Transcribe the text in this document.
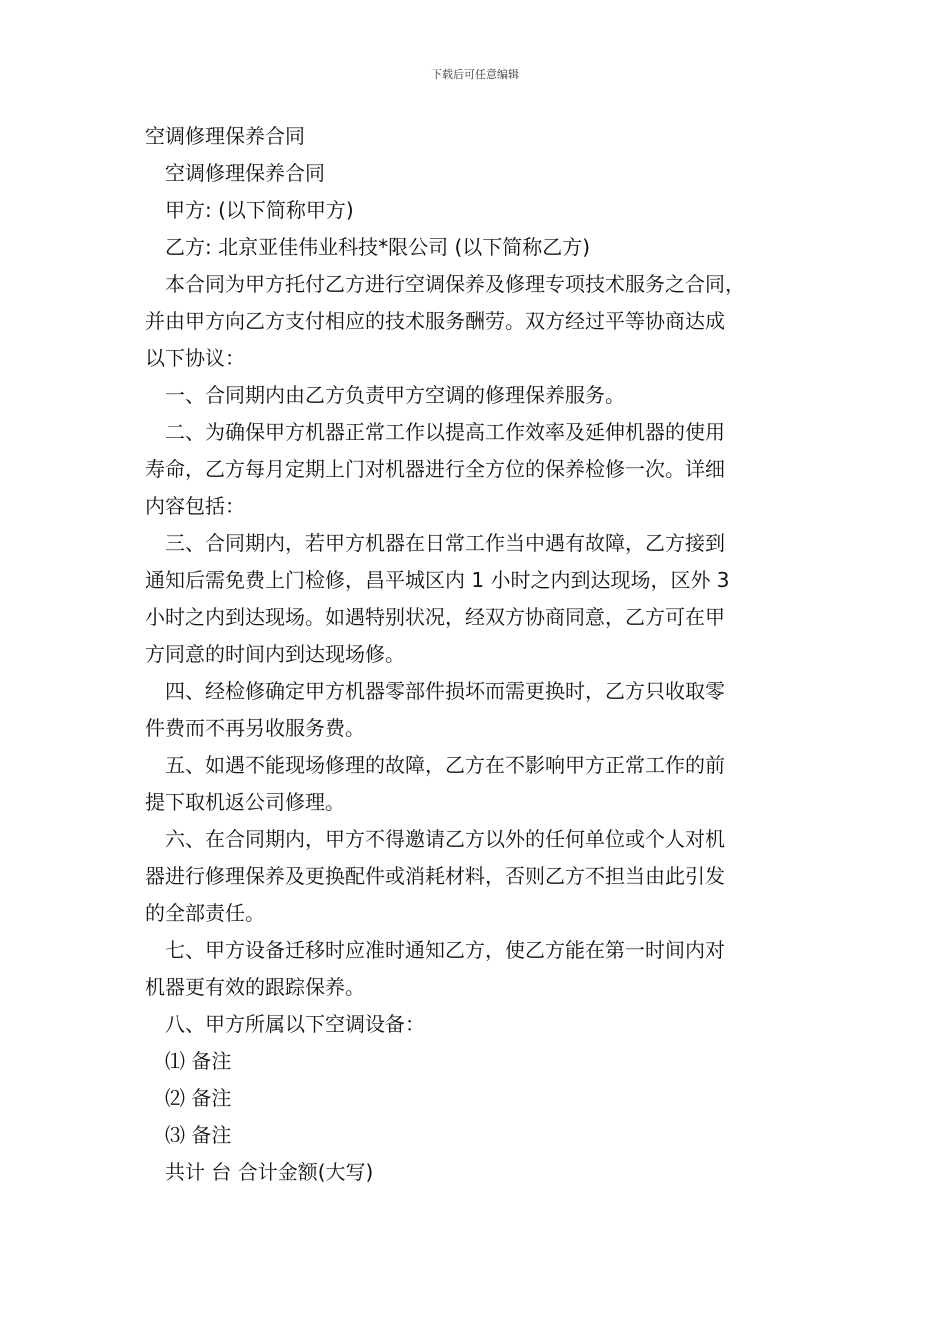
下载后可任意编辑

空调修理保养合同

空调修理保养合同

甲方: (以下简称甲方)

乙方: 北京亚佳伟业科技*限公司 (以下简称乙方)

本合同为甲方托付乙方进行空调保养及修理专项技术服务之合同，
并由甲方向乙方支付相应的技术服务酬劳。双方经过平等协商达成
以下协议：

一、合同期内由乙方负责甲方空调的修理保养服务。

二、为确保甲方机器正常工作以提高工作效率及延伸机器的使用
寿命，乙方每月定期上门对机器进行全方位的保养检修一次。详细
内容包括：

三、合同期内，若甲方机器在日常工作当中遇有故障，乙方接到
通知后需免费上门检修，昌平城区内 1 小时之内到达现场，区外 3
小时之内到达现场。如遇特别状况，经双方协商同意，乙方可在甲
方同意的时间内到达现场修。

四、经检修确定甲方机器零部件损坏而需更换时，乙方只收取零
件费而不再另收服务费。

五、如遇不能现场修理的故障，乙方在不影响甲方正常工作的前
提下取机返公司修理。

六、在合同期内，甲方不得邀请乙方以外的任何单位或个人对机
器进行修理保养及更换配件或消耗材料，否则乙方不担当由此引发
的全部责任。

七、甲方设备迁移时应准时通知乙方，使乙方能在第一时间内对
机器更有效的跟踪保养。

八、甲方所属以下空调设备：

⑴ 备注

⑵ 备注

⑶ 备注

共计 台 合计金额(大写)
